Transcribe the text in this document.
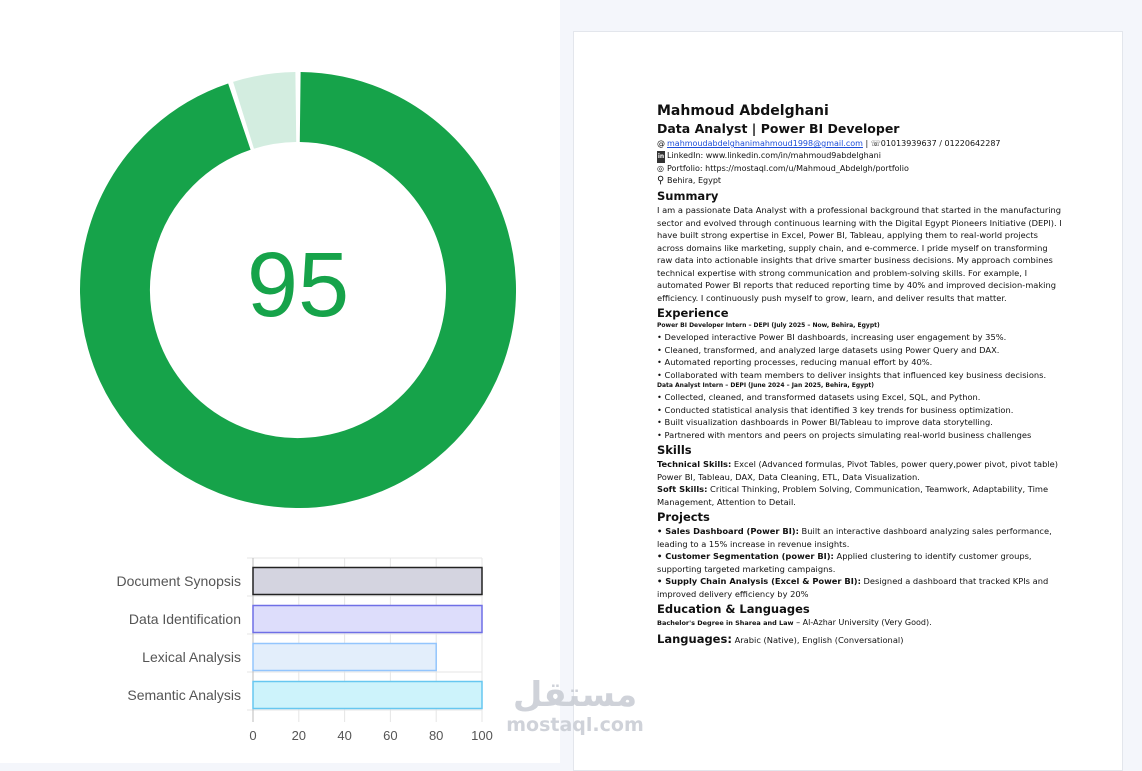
95
Document Synopsis
Data Identification
Lexical Analysis
Semantic Analysis
0	20 40 60 80 100
Mahmoud Abdelghani
Data Analyst | Power BI Developer
@ mahmoudabdelghanimahmoud1998@gmail.com | ☏01013939637 / 01220642287
in LinkedIn: www.linkedin.com/in/mahmoud9abdelghani
◎ Portfolio: https://mostaql.com/u/Mahmoud_Abdelgh/portfolio
⚲ Behira, Egypt
Summary

I am a passionate Data Analyst with a professional background that started in the manufacturing sector and evolved through continuous learning with the Digital Egypt Pioneers Initiative (DEPI). I have built strong expertise in Excel, Power BI, Tableau, applying them to real-world projects across domains like marketing, supply chain, and e-commerce. I pride myself on transforming raw data into actionable insights that drive smarter business decisions. My approach combines technical expertise with strong communication and problem-solving skills. For example, I automated Power BI reports that reduced reporting time by 40% and improved decision-making efficiency. I continuously push myself to grow, learn, and deliver results that matter.

Experience
Power BI Developer Intern – DEPI (July 2025 – Now, Behira, Egypt)
• Developed interactive Power BI dashboards, increasing user engagement by 35%.
• Cleaned, transformed, and analyzed large datasets using Power Query and DAX.
• Automated reporting processes, reducing manual effort by 40%.
• Collaborated with team members to deliver insights that influenced key business decisions.
Data Analyst Intern – DEPI (June 2024 – Jan 2025, Behira, Egypt)
• Collected, cleaned, and transformed datasets using Excel, SQL, and Python.
• Conducted statistical analysis that identified 3 key trends for business optimization.
• Built visualization dashboards in Power BI/Tableau to improve data storytelling.
• Partnered with mentors and peers on projects simulating real-world business challenges
Skills

Technical Skills: Excel (Advanced formulas, Pivot Tables, power query,power pivot, pivot table) Power BI, Tableau, DAX, Data Cleaning, ETL, Data Visualization.

Soft Skills: Critical Thinking, Problem Solving, Communication, Teamwork, Adaptability, Time Management, Attention to Detail.

Projects

• Sales Dashboard (Power BI): Built an interactive dashboard analyzing sales performance, leading to a 15% increase in revenue insights.

• Customer Segmentation (power BI): Applied clustering to identify customer groups, supporting targeted marketing campaigns.

• Supply Chain Analysis (Excel & Power BI): Designed a dashboard that tracked KPIs and improved delivery efficiency by 20%

Education & Languages
Bachelor's Degree in Sharea and Law – Al-Azhar University (Very Good).
Languages: Arabic (Native), English (Conversational)
مستقل
mostaql.com
